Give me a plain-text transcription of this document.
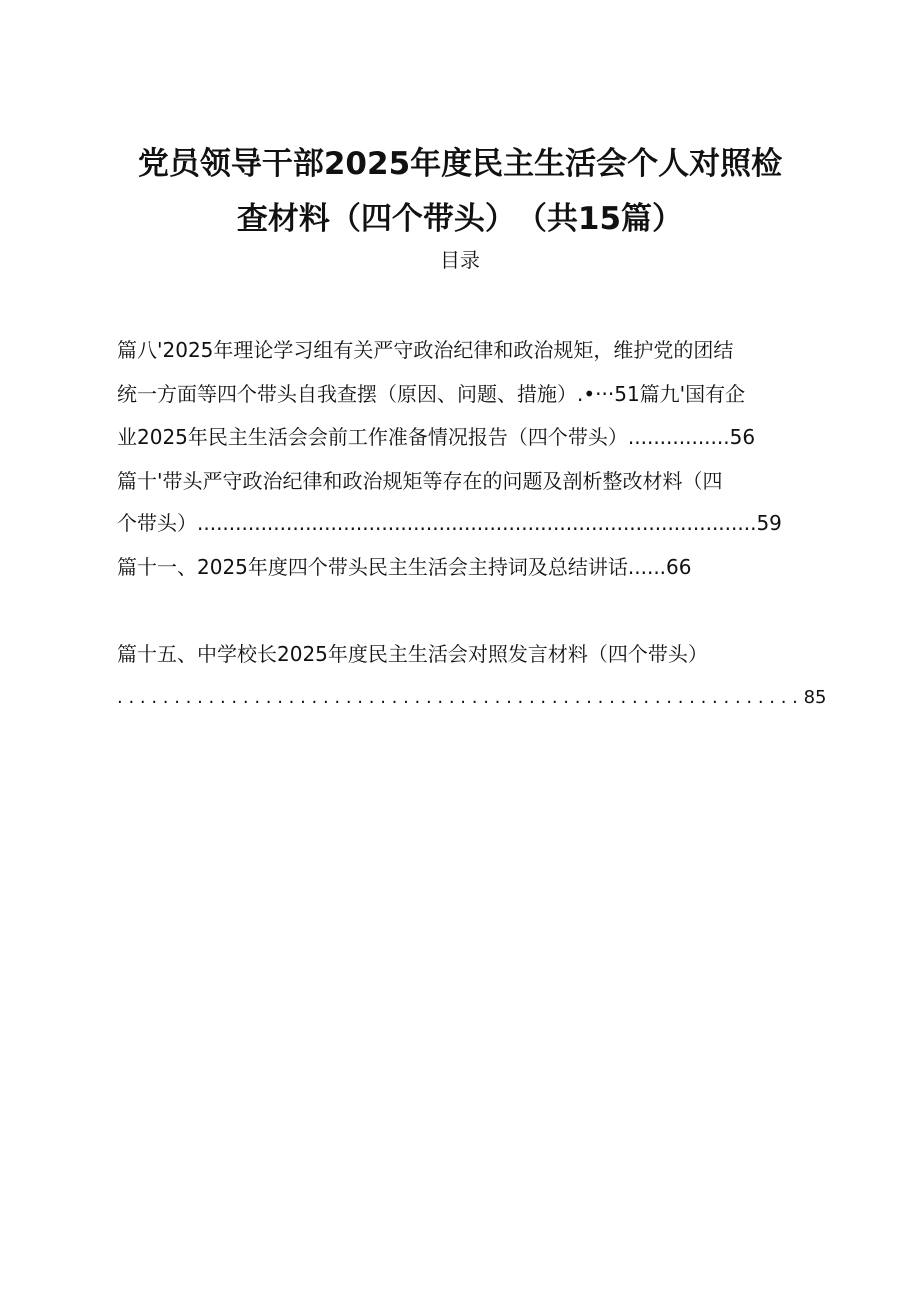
党员领导干部2025年度民主生活会个人对照检
查材料（四个带头）　（共15篇）
目录
篇八'2025年理论学习组有关严守政治纪律和政治规矩，维护党的团结
统一方面等四个带头自我查摆（原因、问题、措施）.•···51篇九'国有企
业2025年民主生活会会前工作准备情况报告（四个带头）................56
篇十'带头严守政治纪律和政治规矩等存在的问题及剖析整改材料（四
个带头）........................................................................................59
篇十一、2025年度四个带头民主生活会主持词及总结讲话......66
篇十五、中学校长2025年度民主生活会对照发言材料（四个带头）
. . . . . . . . . . . . . . . . . . . . . . . . . . . . . . . . . . . . . . . . . . . . . . . . . . . . . . . . . . . . 85
